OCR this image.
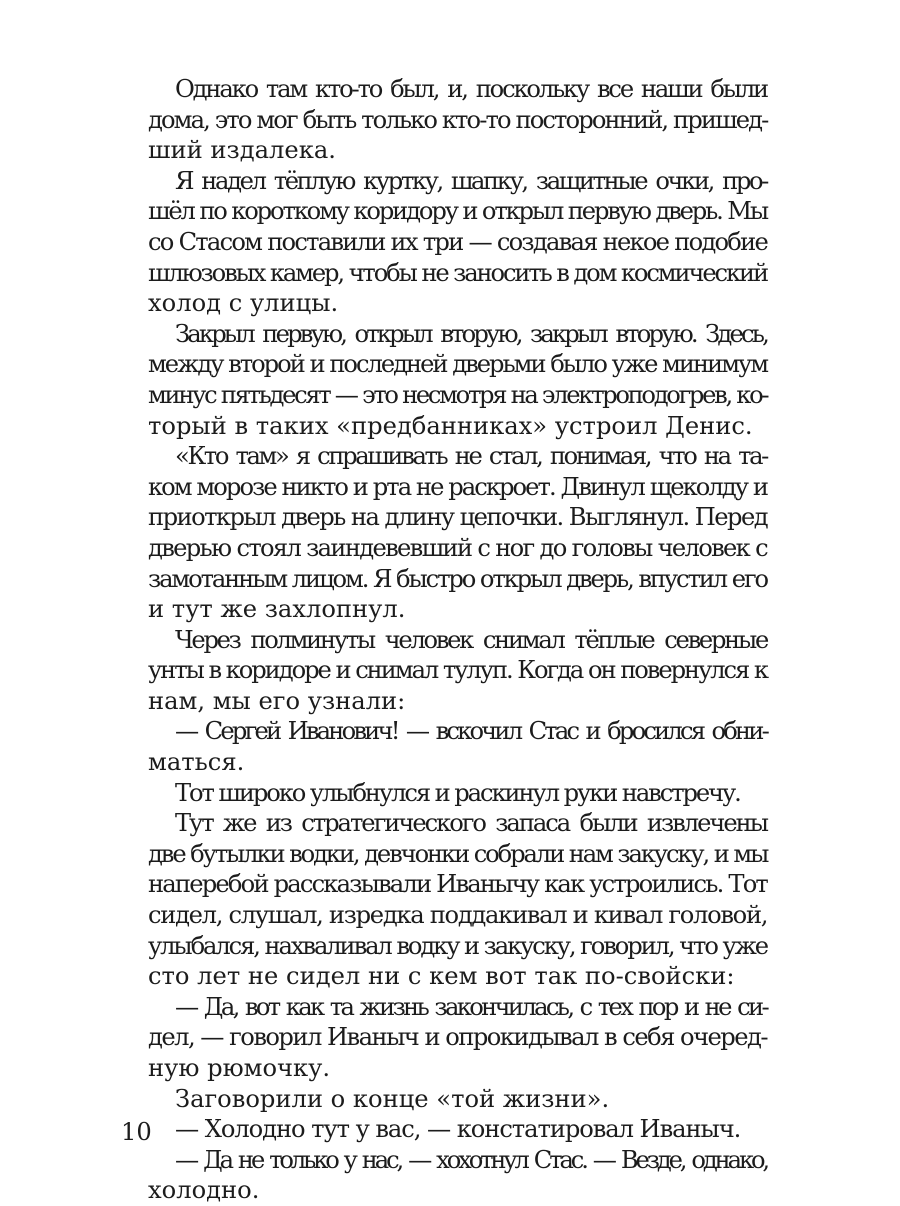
Однако там кто-то был, и, поскольку все наши были
дома, это мог быть только кто-то посторонний, пришед-
ший издалека.
Я надел тёплую куртку, шапку, защитные очки, про-
шёл по короткому коридору и открыл первую дверь. Мы
со Стасом поставили их три — создавая некое подобие
шлюзовых камер, чтобы не заносить в дом космический
холод с улицы.
Закрыл первую, открыл вторую, закрыл вторую. Здесь,
между второй и последней дверьми было уже минимум
минус пятьдесят — это несмотря на электроподогрев, ко-
торый в таких «предбанниках» устроил Денис.
«Кто там» я спрашивать не стал, понимая, что на та-
ком морозе никто и рта не раскроет. Двинул щеколду и
приоткрыл дверь на длину цепочки. Выглянул. Перед
дверью стоял заиндевевший с ног до головы человек с
замотанным лицом. Я быстро открыл дверь, впустил его
и тут же захлопнул.
Через полминуты человек снимал тёплые северные
унты в коридоре и снимал тулуп. Когда он повернулся к
нам, мы его узнали:
— Сергей Иванович! — вскочил Стас и бросился обни-
маться.
Тот широко улыбнулся и раскинул руки навстречу.
Тут же из стратегического запаса были извлечены
две бутылки водки, девчонки собрали нам закуску, и мы
наперебой рассказывали Иванычу как устроились. Тот
сидел, слушал, изредка поддакивал и кивал головой,
улыбался, нахваливал водку и закуску, говорил, что уже
сто лет не сидел ни с кем вот так по-свойски:
— Да, вот как та жизнь закончилась, с тех пор и не си-
дел, — говорил Иваныч и опрокидывал в себя очеред-
ную рюмочку.
Заговорили о конце «той жизни».
— Холодно тут у вас, — констатировал Иваныч.
— Да не только у нас, — хохотнул Стас. — Везде, однако,
холодно.
10
